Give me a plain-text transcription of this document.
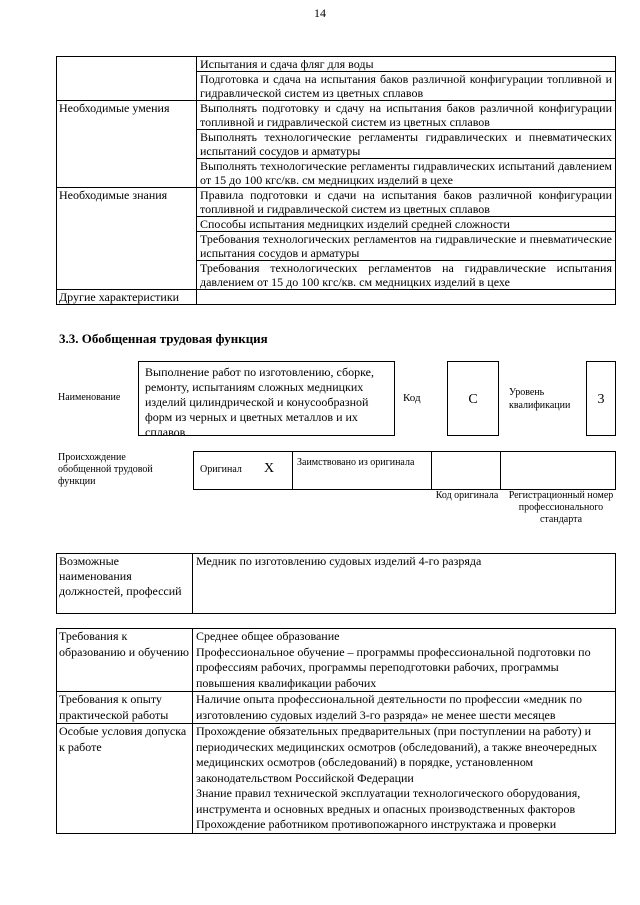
14
	Испытания и сдача фляг для воды
	Подготовка и сдача на испытания баков различной конфигурации топливной и гидравлической систем из цветных сплавов
Необходимые умения	Выполнять подготовку и сдачу на испытания баков различной конфигурации топливной и гидравлической систем из цветных сплавов
	Выполнять технологические регламенты гидравлических и пневматических испытаний сосудов и арматуры
	Выполнять технологические регламенты гидравлических испытаний давлением от 15 до 100 кгс/кв. см медницких изделий в цехе
Необходимые знания	Правила подготовки и сдачи на испытания баков различной конфигурации топливной и гидравлической систем из цветных сплавов
	Способы испытания медницких изделий средней сложности
	Требования технологических регламентов на гидравлические и пневматические испытания сосудов и арматуры
	Требования технологических регламентов на гидравлические испытания давлением от 15 до 100 кгс/кв. см медницких изделий в цехе
Другие характеристики	
3.3. Обобщенная трудовая функция
Наименование
Выполнение работ по изготовлению, сборке, ремонту, испытаниям сложных медницких изделий цилиндрической и конусообразной форм из черных и цветных металлов и их сплавов
Код	C	Уровень квалификации	3
Происхождение обобщенной трудовой функции
Оригинал X Заимствовано из оригинала
Код оригинала	Регистрационный номер профессионального стандарта
Возможные наименования должностей, профессий	Медник по изготовлению судовых изделий 4-го разряда
Требования к образованию и обучению	Среднее общее образование
Профессиональное обучение – программы профессиональной подготовки по профессиям рабочих, программы переподготовки рабочих, программы повышения квалификации рабочих

Требования к опыту практической работы	Наличие опыта профессиональной деятельности по профессии «медник по изготовлению судовых изделий 3-го разряда» не менее шести месяцев

Особые условия допуска к работе	Прохождение обязательных предварительных (при поступлении на работу) и периодических медицинских осмотров (обследований), а также внеочередных медицинских осмотров (обследований) в порядке, установленном законодательством Российской Федерации
Знание правил технической эксплуатации технологического оборудования, инструмента и основных вредных и опасных производственных факторов
Прохождение работником противопожарного инструктажа и проверки
